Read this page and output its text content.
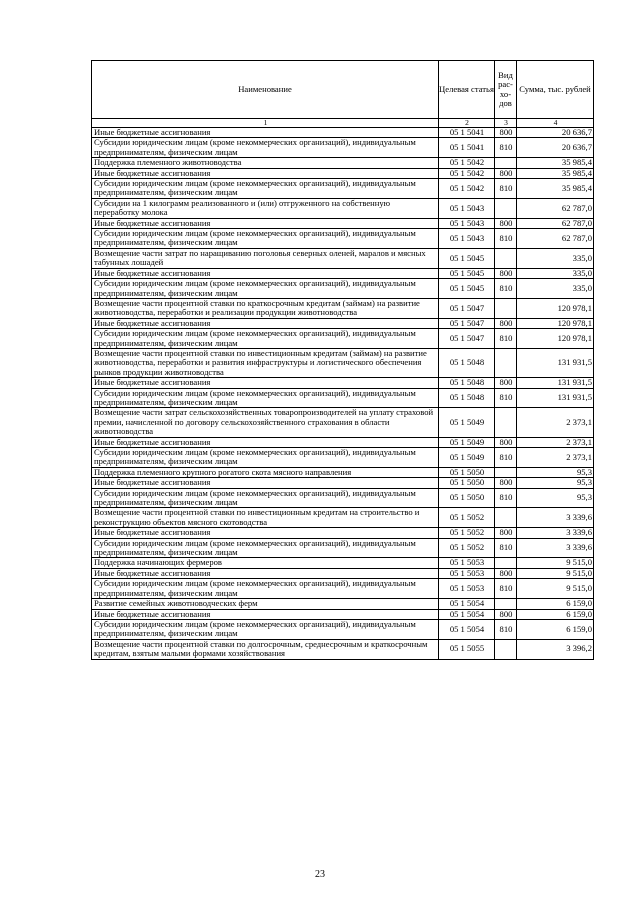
Наименование	Целевая статья	Вид
рас-
хо-
дов	Сумма, тыс. рублей
1	2	3	4
Иные бюджетные ассигнования	05 1 5041	800	20 636,7
Субсидии юридическим лицам (кроме некоммерческих организаций), индивидуальным предпринимателям, физическим лицам	05 1 5041	810	20 636,7
Поддержка племенного животноводства	05 1 5042		35 985,4
Иные бюджетные ассигнования	05 1 5042	800	35 985,4
Субсидии юридическим лицам (кроме некоммерческих организаций), индивидуальным предпринимателям, физическим лицам	05 1 5042	810	35 985,4
Субсидии на 1 килограмм реализованного и (или) отгруженного на собственную переработку молока	05 1 5043		62 787,0
Иные бюджетные ассигнования	05 1 5043	800	62 787,0
Субсидии юридическим лицам (кроме некоммерческих организаций), индивидуальным предпринимателям, физическим лицам	05 1 5043	810	62 787,0
Возмещение части затрат по наращиванию поголовья северных оленей, маралов и мясных табунных лошадей	05 1 5045		335,0
Иные бюджетные ассигнования	05 1 5045	800	335,0
Субсидии юридическим лицам (кроме некоммерческих организаций), индивидуальным предпринимателям, физическим лицам	05 1 5045	810	335,0
Возмещение части процентной ставки по краткосрочным кредитам (займам) на развитие животноводства, переработки и реализации продукции животноводства	05 1 5047		120 978,1
Иные бюджетные ассигнования	05 1 5047	800	120 978,1
Субсидии юридическим лицам (кроме некоммерческих организаций), индивидуальным предпринимателям, физическим лицам	05 1 5047	810	120 978,1
Возмещение части процентной ставки по инвестиционным кредитам (займам) на развитие животноводства, переработки и развития инфраструктуры и логистического обеспечения рынков продукции животноводства	05 1 5048		131 931,5
Иные бюджетные ассигнования	05 1 5048	800	131 931,5
Субсидии юридическим лицам (кроме некоммерческих организаций), индивидуальным предпринимателям, физическим лицам	05 1 5048	810	131 931,5
Возмещение части затрат сельскохозяйственных товаропроизводителей на уплату страховой премии, начисленной по договору сельскохозяйственного страхования в области животноводства	05 1 5049		2 373,1
Иные бюджетные ассигнования	05 1 5049	800	2 373,1
Субсидии юридическим лицам (кроме некоммерческих организаций), индивидуальным предпринимателям, физическим лицам	05 1 5049	810	2 373,1
Поддержка племенного крупного рогатого скота мясного направления	05 1 5050		95,3
Иные бюджетные ассигнования	05 1 5050	800	95,3
Субсидии юридическим лицам (кроме некоммерческих организаций), индивидуальным предпринимателям, физическим лицам	05 1 5050	810	95,3
Возмещение части процентной ставки по инвестиционным кредитам на строительство и реконструкцию объектов мясного скотоводства	05 1 5052		3 339,6
Иные бюджетные ассигнования	05 1 5052	800	3 339,6
Субсидии юридическим лицам (кроме некоммерческих организаций), индивидуальным предпринимателям, физическим лицам	05 1 5052	810	3 339,6
Поддержка начинающих фермеров	05 1 5053		9 515,0
Иные бюджетные ассигнования	05 1 5053	800	9 515,0
Субсидии юридическим лицам (кроме некоммерческих организаций), индивидуальным предпринимателям, физическим лицам	05 1 5053	810	9 515,0
Развитие семейных животноводческих ферм	05 1 5054		6 159,0
Иные бюджетные ассигнования	05 1 5054	800	6 159,0
Субсидии юридическим лицам (кроме некоммерческих организаций), индивидуальным предпринимателям, физическим лицам	05 1 5054	810	6 159,0
Возмещение части процентной ставки по долгосрочным, среднесрочным и краткосрочным кредитам, взятым малыми формами хозяйствования	05 1 5055		3 396,2
23
